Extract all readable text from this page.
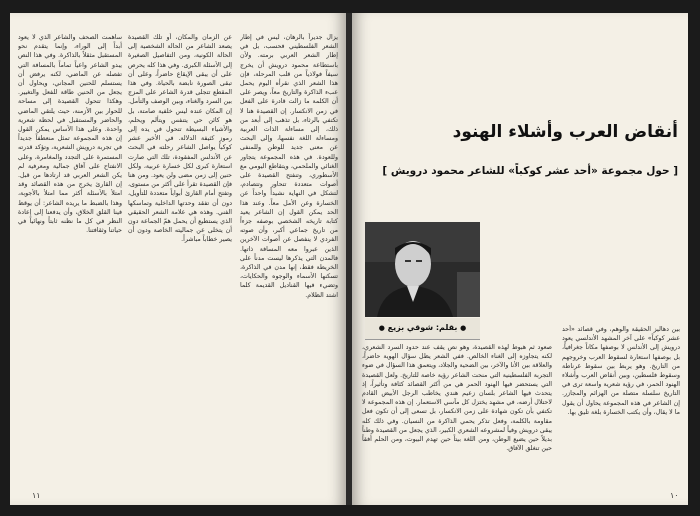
يزال جديراً بالرهان، ليس في إطار الشعر الفلسطيني فحسب، بل في إطار الشعر العربي برمته. ولأن باستطاعة محمود درويش أن يخرج سيفاً فولاذياً من قلب المرحلة، فإن هذا الشعر الذي نقرأه اليوم يحمل عبء الذاكرة والتاريخ معاً، ويصر على أن الكلمة ما زالت قادرة على الفعل في زمن الانكسار. إن القصيدة هنا لا تكتفي بالرثاء، بل تذهب إلى أبعد من ذلك، إلى مساءلة الذات العربية ومساءلة اللغة نفسها، وإلى البحث عن معنى جديد للوطن وللمنفى وللعودة. في هذه المجموعة يتجاور الغنائي والملحمي، ويتقاطع اليومي مع الأسطوري، وتنفتح القصيدة على أصوات متعددة تتحاور وتتصادم، لتشكل في النهاية نشيداً واحداً عن الخسارة وعن الأمل معاً. وعند هذا الحد يمكن القول إن الشاعر يعيد كتابة تاريخه الشخصي بوصفه جزءاً من تاريخ جماعي أكبر، وأن صوته الفردي لا ينفصل عن أصوات الآخرين الذين عبروا معه المسافة ذاتها. فالمدن التي يذكرها ليست مدناً على الخريطة فقط، إنها مدن في الذاكرة، تسكنها الأسماء والوجوه والحكايات، وتضيء فيها القناديل القديمة كلما اشتد الظلام.

عن الزمان والمكان، أو تلك القصيدة يصعد الشاعر من الحالة الشخصية إلى الحالة الكونية، ومن التفاصيل الصغيرة إلى الأسئلة الكبرى. وفي هذا كله يحرص على أن يبقى الإيقاع حاضراً، وعلى أن تبقى الصورة نابضة بالحياة. وفي هذا المقطع تتجلى قدرة الشاعر على المزج بين السرد والغناء، وبين الوصف والتأمل. إن المكان عنده ليس خلفية صامتة، بل هو كائن حي يتنفس ويتألم ويحلم، والأشياء البسيطة تتحول في يده إلى رموز كثيفة الدلالة. في الأخير عشر كوكباً يواصل الشاعر رحلته في البحث عن الأندلس المفقودة، تلك التي صارت استعارة كبرى لكل خسارة عربية، ولكل حنين إلى زمن مضى ولن يعود. ومن هنا فإن القصيدة تقرأ على أكثر من مستوى، وتفتح أمام القارئ أبواباً متعددة للتأويل، دون أن تفقد وحدتها الداخلية وتماسكها الفني. وهذه هي علامة الشعر الحقيقي الذي يستطيع أن يحمل همّ الجماعة دون أن يتخلى عن جماليته الخاصة ودون أن يصير خطاباً مباشراً.

ساهمت الصحف والشاعر الذي لا يعود أبداً إلى الوراء، وإنما يتقدم نحو المستقبل مثقلاً بالذاكرة. وفي هذا النص يبدو الشاعر واعياً تماماً بالمسافة التي تفصله عن الماضي، لكنه يرفض أن يستسلم للحنين المجاني، ويحاول أن يجعل من الحنين طاقة للفعل والتغيير. وهكذا تتحول القصيدة إلى مساحة للحوار بين الأزمنة، حيث يلتقي الماضي والحاضر والمستقبل في لحظة شعرية واحدة. وعلى هذا الأساس يمكن القول إن هذه المجموعة تمثل منعطفاً جديداً في تجربة درويش الشعرية، وتؤكد قدرته المستمرة على التجدد والمغامرة، وعلى الانفتاح على آفاق جمالية ومعرفية لم يكن الشعر العربي قد ارتادها من قبل. إن القارئ يخرج من هذه القصائد وقد امتلأ بالأسئلة أكثر مما امتلأ بالأجوبة، وهذا بالضبط ما يريده الشاعر: أن يوقظ فينا القلق الخلاق، وأن يدفعنا إلى إعادة النظر في كل ما نظنه ثابتاً ونهائياً في حياتنا وثقافتنا.

١١
أنقاض العرب وأشلاء الهنود
[ حول مجموعة «أحد عشر كوكباً» للشاعر محمود درويش ]

بين دهاليز الحقيقة والوهم، وفي قصائد «أحد عشر كوكباً» على آخر المشهد الأندلسي يعود درويش إلى الأندلس لا بوصفها مكاناً جغرافياً، بل بوصفها استعارة لسقوط العرب وخروجهم من التاريخ. وهو يربط بين سقوط غرناطة وسقوط فلسطين، وبين أنقاض العرب وأشلاء الهنود الحمر، في رؤية شعرية واسعة ترى في التاريخ سلسلة متصلة من الهزائم والمجازر. إن الشاعر في هذه المجموعة يحاول أن يقول ما لا يقال، وأن يكتب الخسارة بلغة تليق بها.

● بقلم: شوقي بزيع ●

صعود ثم هبوط لهذه القصيدة، وهو نص يقف عند حدود السرد الشعري، لكنه يتجاوزه إلى الغناء الخالص. ففي الشعر يظل سؤال الهوية حاضراً، والعلاقة بين الأنا والآخر، بين الضحية والجلاد، ويتعمق هذا السؤال في ضوء التجربة الفلسطينية التي منحت الشاعر رؤية خاصة للتاريخ. ولعل القصيدة التي يستحضر فيها الهنود الحمر هي من أكثر القصائد كثافة وتأثيراً، إذ يتحدث فيها الشاعر بلسان زعيم هندي يخاطب الرجل الأبيض القادم لاحتلال أرضه، في مشهد يختزل كل مآسي الاستعمار. إن هذه المجموعة لا تكتفي بأن تكون شهادة على زمن الانكسار، بل تسعى إلى أن تكون فعل مقاومة بالكلمة، وفعل تذكر يحمي الذاكرة من النسيان. وفي ذلك كله يبقى درويش وفياً لمشروعه الشعري الكبير، الذي يجعل من القصيدة وطناً بديلاً حين يضيع الوطن، ومن اللغة بيتاً حين تهدم البيوت، ومن الحلم أفقاً حين تنغلق الآفاق.

١٠
